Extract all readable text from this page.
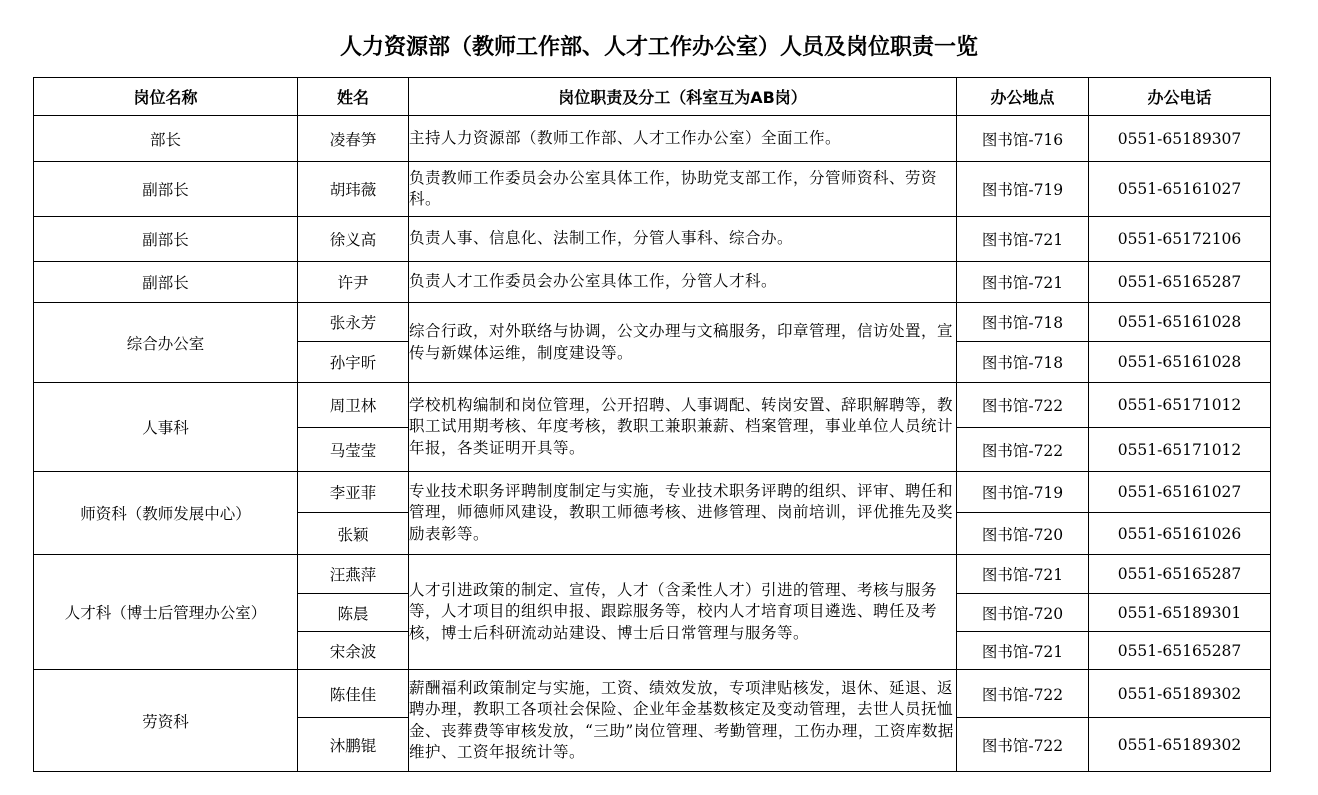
人力资源部（教师工作部、人才工作办公室）人员及岗位职责一览
岗位名称	姓名	岗位职责及分工（科室互为AB岗）	办公地点	办公电话
部长	凌春笋	主持人力资源部（教师工作部、人才工作办公室）全面工作。	图书馆-716	0551-65189307
副部长	胡玮薇	负责教师工作委员会办公室具体工作，协助党支部工作，分管师资科、劳资科。	图书馆-719	0551-65161027
副部长	徐义高	负责人事、信息化、法制工作，分管人事科、综合办。	图书馆-721	0551-65172106
副部长	许尹	负责人才工作委员会办公室具体工作，分管人才科。	图书馆-721	0551-65165287
综合办公室	张永芳	综合行政，对外联络与协调，公文办理与文稿服务，印章管理，信访处置，宣传与新媒体运维，制度建设等。	图书馆-718	0551-65161028
	孙宇昕		图书馆-718	0551-65161028
人事科	周卫林	学校机构编制和岗位管理，公开招聘、人事调配、转岗安置、辞职解聘等，教职工试用期考核、年度考核，教职工兼职兼薪、档案管理，事业单位人员统计年报，各类证明开具等。	图书馆-722	0551-65171012
	马莹莹		图书馆-722	0551-65171012
师资科（教师发展中心）	李亚菲	专业技术职务评聘制度制定与实施，专业技术职务评聘的组织、评审、聘任和管理，师德师风建设，教职工师德考核、进修管理、岗前培训，评优推先及奖励表彰等。	图书馆-719	0551-65161027
	张颖		图书馆-720	0551-65161026
人才科（博士后管理办公室）	汪燕萍	人才引进政策的制定、宣传，人才（含柔性人才）引进的管理、考核与服务等，人才项目的组织申报、跟踪服务等，校内人才培育项目遴选、聘任及考核，博士后科研流动站建设、博士后日常管理与服务等。	图书馆-721	0551-65165287
	陈晨		图书馆-720	0551-65189301
	宋余波		图书馆-721	0551-65165287
劳资科	陈佳佳	薪酬福利政策制定与实施，工资、绩效发放，专项津贴核发，退休、延退、返聘办理，教职工各项社会保险、企业年金基数核定及变动管理，去世人员抚恤金、丧葬费等审核发放，“三助”岗位管理、考勤管理，工伤办理，工资库数据维护、工资年报统计等。	图书馆-722	0551-65189302
	沐鹏锟		图书馆-722	0551-65189302
